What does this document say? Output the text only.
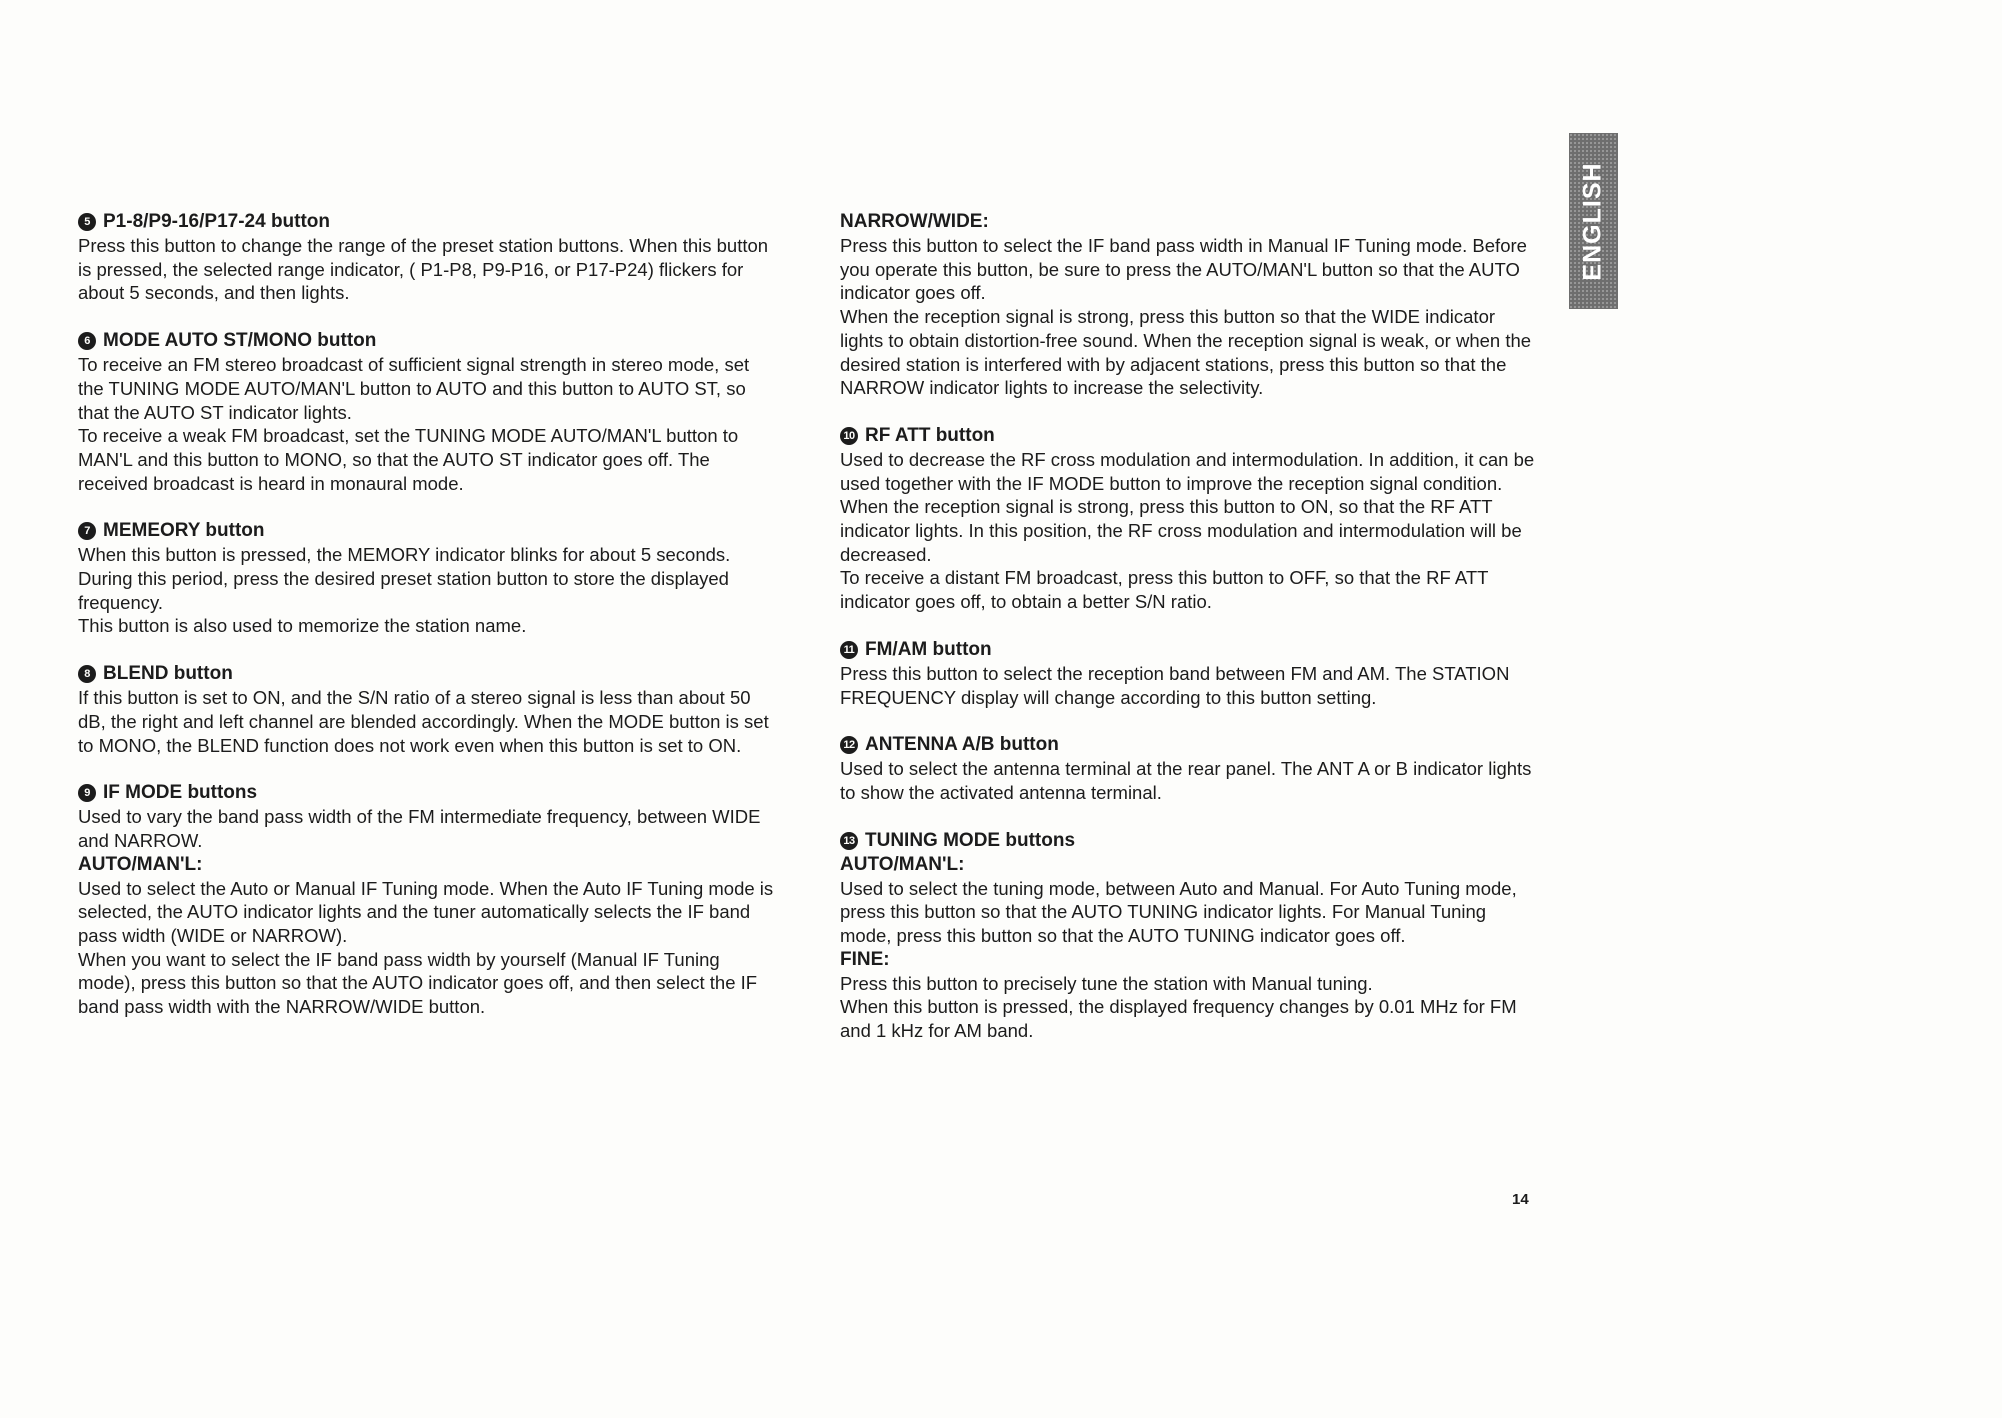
5 P1-8/P9-16/P17-24 button

Press this button to change the range of the preset station buttons. When this button is pressed, the selected range indicator, ( P1-P8, P9-P16, or P17-P24) flickers for about 5 seconds, and then lights.

6 MODE AUTO ST/MONO button

To receive an FM stereo broadcast of sufficient signal strength in stereo mode, set the TUNING MODE AUTO/MAN'L button to AUTO and this button to AUTO ST, so that the AUTO ST indicator lights.

To receive a weak FM broadcast, set the TUNING MODE AUTO/MAN'L button to MAN'L and this button to MONO, so that the AUTO ST indicator goes off. The received broadcast is heard in monaural mode.

7 MEMEORY button

When this button is pressed, the MEMORY indicator blinks for about 5 seconds. During this period, press the desired preset station button to store the displayed frequency.

This button is also used to memorize the station name.

8 BLEND button

If this button is set to ON, and the S/N ratio of a stereo signal is less than about 50 dB, the right and left channel are blended accordingly. When the MODE button is set to MONO, the BLEND function does not work even when this button is set to ON.

9 IF MODE buttons

Used to vary the band pass width of the FM intermediate frequency, between WIDE and NARROW.

AUTO/MAN'L:

Used to select the Auto or Manual IF Tuning mode. When the Auto IF Tuning mode is selected, the AUTO indicator lights and the tuner automatically selects the IF band pass width (WIDE or NARROW).

When you want to select the IF band pass width by yourself (Manual IF Tuning mode), press this button so that the AUTO indicator goes off, and then select the IF band pass width with the NARROW/WIDE button.

NARROW/WIDE:

Press this button to select the IF band pass width in Manual IF Tuning mode. Before you operate this button, be sure to press the AUTO/MAN'L button so that the AUTO indicator goes off.

When the reception signal is strong, press this button so that the WIDE indicator lights to obtain distortion-free sound. When the reception signal is weak, or when the desired station is interfered with by adjacent stations, press this button so that the NARROW indicator lights to increase the selectivity.

10 RF ATT button

Used to decrease the RF cross modulation and intermodulation. In addition, it can be used together with the IF MODE button to improve the reception signal condition.

When the reception signal is strong, press this button to ON, so that the RF ATT indicator lights. In this position, the RF cross modulation and intermodulation will be decreased.

To receive a distant FM broadcast, press this button to OFF, so that the RF ATT indicator goes off, to obtain a better S/N ratio.

11 FM/AM button

Press this button to select the reception band between FM and AM. The STATION FREQUENCY display will change according to this button setting.

12 ANTENNA A/B button

Used to select the antenna terminal at the rear panel. The ANT A or B indicator lights to show the activated antenna terminal.

13 TUNING MODE buttons
AUTO/MAN'L:

Used to select the tuning mode, between Auto and Manual. For Auto Tuning mode, press this button so that the AUTO TUNING indicator lights. For Manual Tuning mode, press this button so that the AUTO TUNING indicator goes off.

FINE:

Press this button to precisely tune the station with Manual tuning.

When this button is pressed, the displayed frequency changes by 0.01 MHz for FM and 1 kHz for AM band.

ENGLISH
14
